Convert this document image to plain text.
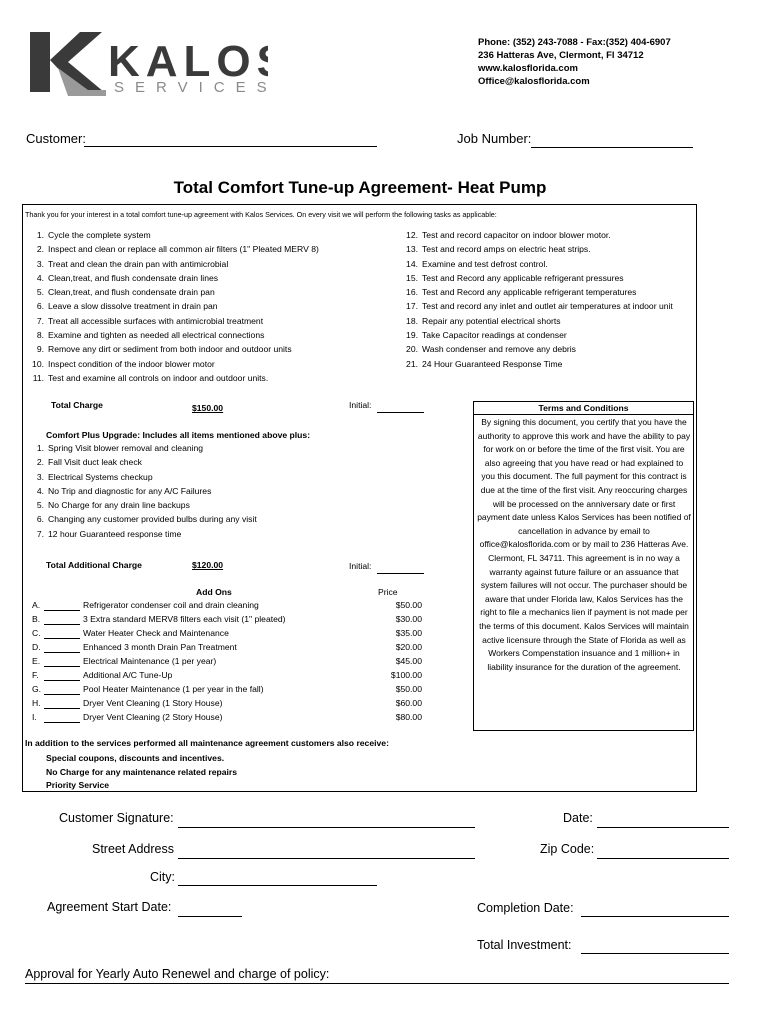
KALO
SERVICES
Phone: (352) 243-7088 - Fax:(352) 404-6907
236 Hatteras Ave, Clermont, Fl 34712
www.kalosflorida.com
Office@kalosflorida.com
Customer:	Job Number:
Total Comfort Tune-up Agreement- Heat Pump
Thank you for your interest in a total comfort tune-up agreement with Kalos Services. On every visit we will perform the following tasks as applicable:
1. Cycle the complete system
2. Inspect and clean or replace all common air filters (1" Pleated MERV 8)
3. Treat and clean the drain pan with antimicrobial
4. Clean,treat, and flush condensate drain lines
5. Clean,treat, and flush condensate drain pan
6. Leave a slow dissolve treatment in drain pan
7. Treat all accessible surfaces with antimicrobial treatment
8. Examine and tighten as needed all electrical connections
9. Remove any dirt or sediment from both indoor and outdoor units
10. Inspect condition of the indoor blower motor
11. Test and examine all controls on indoor and outdoor units.
12. Test and record capacitor on indoor blower motor.
13. Test and record amps on electric heat strips.
14. Examine and test defrost control.
15. Test and Record any applicable refrigerant pressures
16. Test and Record any applicable refrigerant temperatures
17. Test and record any inlet and outlet air temperatures at indoor unit
18. Repair any potential electrical shorts
19. Take Capacitor readings at condenser
20. Wash condenser and remove any debris
21. 24 Hour Guaranteed Response Time
Total Charge	$150.00	Initial:
Comfort Plus Upgrade: Includes all items mentioned above plus:
1. Spring Visit blower removal and cleaning
2. Fall Visit duct leak check
3. Electrical Systems checkup
4. No Trip and diagnostic for any A/C Failures
5. No Charge for any drain line backups
6. Changing any customer provided bulbs during any visit
7. 12 hour Guaranteed response time
Total Additional Charge	$120.00	Initial:
Add Ons	Price
A.	Refrigerator condenser coil and drain cleaning	$50.00
B.	3 Extra standard MERV8 filters each visit (1" pleated)	$30.00
C.	Water Heater Check and Maintenance	$35.00
D.	Enhanced 3 month Drain Pan Treatment	$20.00
E.	Electrical Maintenance (1 per year)	$45.00
F.	Additional A/C Tune-Up	$100.00
G.	Pool Heater Maintenance (1 per year in the fall)	$50.00
H.	Dryer Vent Cleaning (1 Story House)	$60.00
I.	Dryer Vent Cleaning (2 Story House)	$80.00
Terms and Conditions
By signing this document, you certify that you have the authority to approve this work and have the ability to pay for work on or before the time of the first visit. You are also agreeing that you have read or had explained to you this document. The full payment for this contract is due at the time of the first visit. Any reoccuring charges will be processed on the anniversary date or first payment date unless Kalos Services has been notified of cancellation in advance by email to office@kalosflorida.com or by mail to 236 Hatteras Ave. Clermont, FL 34711. This agreement is in no way a warranty against future failure or an assuance that system failures will not occur. The purchaser should be aware that under Florida law, Kalos Services has the right to file a mechanics lien if payment is not made per the terms of this document. Kalos Services will maintain active licensure through the State of Florida as well as Workers Compenstation insuance and 1 million+ in liability insurance for the duration of the agreement.
In addition to the services performed all maintenance agreement customers also receive:
Special coupons, discounts and incentives.
No Charge for any maintenance related repairs
Priority Service
Customer Signature:	Date:
Street Address	Zip Code:
City:
Agreement Start Date:	Completion Date:
Total Investment:
Approval for Yearly Auto Renewel and charge of policy:
